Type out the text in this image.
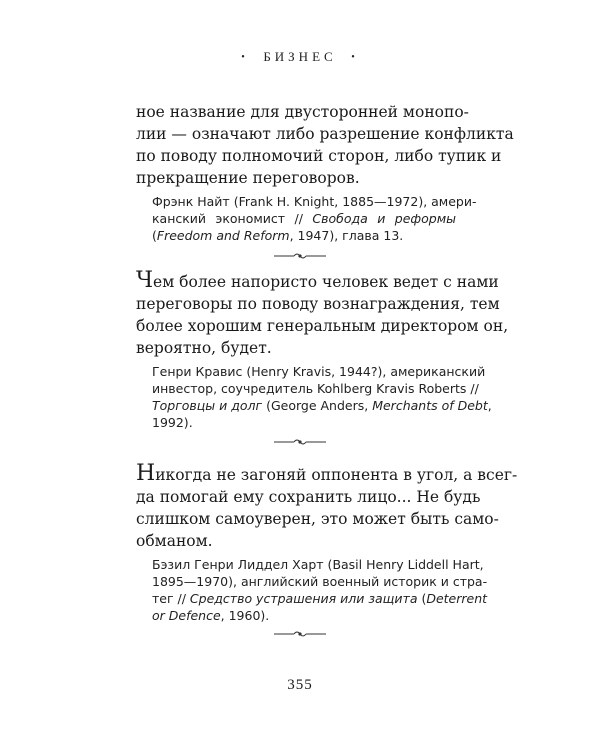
• БИЗНЕС •
ное название для двусторонней монопо-
лии — означают либо разрешение конфликта
по поводу полномочий сторон, либо тупик и
прекращение переговоров.
Фрэнк Найт (Frank H. Knight, 1885—1972), амери-
канский экономист // Свобода и реформы
(Freedom and Reform, 1947), глава 13.
Чем более напористо человек ведет с нами
переговоры по поводу вознаграждения, тем
более хорошим генеральным директором он,
вероятно, будет.
Генри Кравис (Henry Kravis, 1944?), американский
инвестор, соучредитель Kohlberg Kravis Roberts //
Торговцы и долг (George Anders, Merchants of Debt,
1992).
Никогда не загоняй оппонента в угол, а всег-
да помогай ему сохранить лицо... Не будь
слишком самоуверен, это может быть само-
обманом.
Бэзил Генри Лиддел Харт (Basil Henry Liddell Hart,
1895—1970), английский военный историк и стра-
тег // Средство устрашения или защита (Deterrent
or Defence, 1960).
355
